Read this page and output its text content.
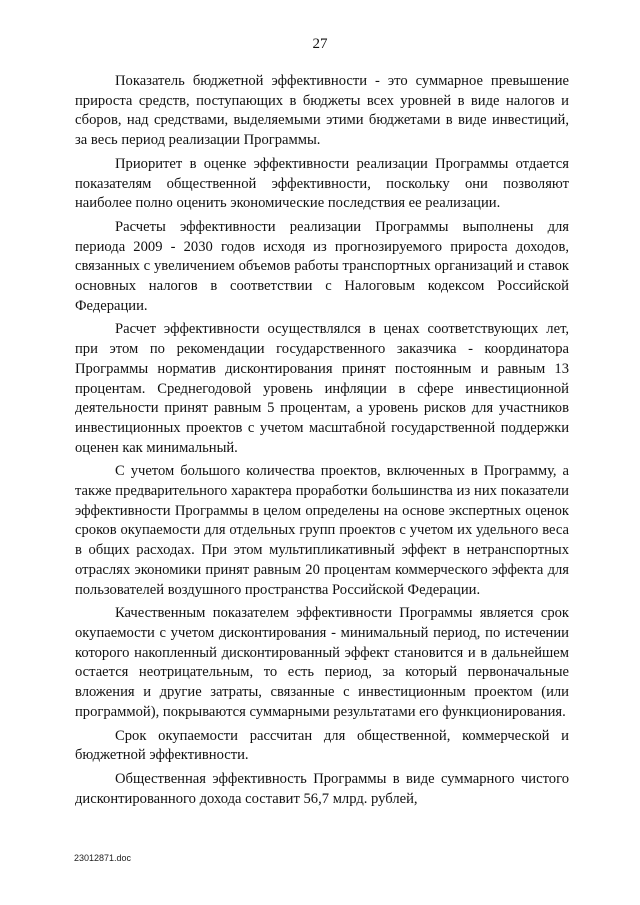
27

Показатель бюджетной эффективности - это суммарное превышение прироста средств, поступающих в бюджеты всех уровней в виде налогов и сборов, над средствами, выделяемыми этими бюджетами в виде инвестиций, за весь период реализации Программы.

Приоритет в оценке эффективности реализации Программы отдается показателям общественной эффективности, поскольку они позволяют наиболее полно оценить экономические последствия ее реализации.

Расчеты эффективности реализации Программы выполнены для периода 2009 - 2030 годов исходя из прогнозируемого прироста доходов, связанных с увеличением объемов работы транспортных организаций и ставок основных налогов в соответствии с Налоговым кодексом Российской Федерации.

Расчет эффективности осуществлялся в ценах соответствующих лет, при этом по рекомендации государственного заказчика - координатора Программы норматив дисконтирования принят постоянным и равным 13 процентам. Среднегодовой уровень инфляции в сфере инвестиционной деятельности принят равным 5 процентам, а уровень рисков для участников инвестиционных проектов с учетом масштабной государственной поддержки оценен как минимальный.

С учетом большого количества проектов, включенных в Программу, а также предварительного характера проработки большинства из них показатели эффективности Программы в целом определены на основе экспертных оценок сроков окупаемости для отдельных групп проектов с учетом их удельного веса в общих расходах. При этом мультипликативный эффект в нетранспортных отраслях экономики принят равным 20 процентам коммерческого эффекта для пользователей воздушного пространства Российской Федерации.

Качественным показателем эффективности Программы является срок окупаемости с учетом дисконтирования - минимальный период, по истечении которого накопленный дисконтированный эффект становится и в дальнейшем остается неотрицательным, то есть период, за который первоначальные вложения и другие затраты, связанные с инвестиционным проектом (или программой), покрываются суммарными результатами его функционирования.

Срок окупаемости рассчитан для общественной, коммерческой и бюджетной эффективности.

Общественная эффективность Программы в виде суммарного чистого дисконтированного дохода составит 56,7 млрд. рублей,

23012871.doc
